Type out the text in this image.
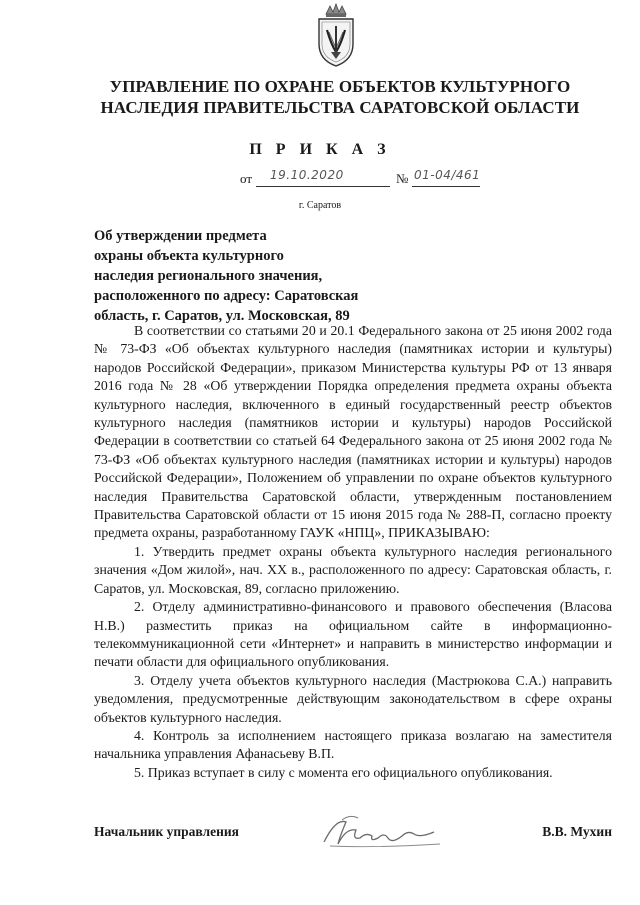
УПРАВЛЕНИЕ ПО ОХРАНЕ ОБЪЕКТОВ КУЛЬТУРНОГО
НАСЛЕДИЯ ПРАВИТЕЛЬСТВА САРАТОВСКОЙ ОБЛАСТИ
П Р И К А З
от 19.10.2020	№ 01-04/461
г. Саратов
Об утверждении предмета
охраны объекта культурного
наследия регионального значения,
расположенного по адресу: Саратовская
область, г. Саратов, ул. Московская, 89

В соответствии со статьями 20 и 20.1 Федерального закона от 25 июня 2002 года № 73-ФЗ «Об объектах культурного наследия (памятниках истории и культуры) народов Российской Федерации», приказом Министерства культуры РФ от 13 января 2016 года № 28 «Об утверждении Порядка определения предмета охраны объекта культурного наследия, включенного в единый государственный реестр объектов культурного наследия (памятников истории и культуры) народов Российской Федерации в соответствии со статьей 64 Федерального закона от 25 июня 2002 года № 73-ФЗ «Об объектах культурного наследия (памятниках истории и культуры) народов Российской Федерации», Положением об управлении по охране объектов культурного наследия Правительства Саратовской области, утвержденным постановлением Правительства Саратовской области от 15 июня 2015 года № 288-П, согласно проекту предмета охраны, разработанному ГАУК «НПЦ», ПРИКАЗЫВАЮ:

1. Утвердить предмет охраны объекта культурного наследия регионального значения «Дом жилой», нач. XX в., расположенного по адресу: Саратовская область, г. Саратов, ул. Московская, 89, согласно приложению.

2. Отделу административно-финансового и правового обеспечения (Власова Н.В.) разместить приказ на официальном сайте в информационно-телекоммуникационной сети «Интернет» и направить в министерство информации и печати области для официального опубликования.

3. Отделу учета объектов культурного наследия (Мастрюкова С.А.) направить уведомления, предусмотренные действующим законодательством в сфере охраны объектов культурного наследия.

4. Контроль за исполнением настоящего приказа возлагаю на заместителя начальника управления Афанасьеву В.П.

5. Приказ вступает в силу с момента его официального опубликования.

Начальник управления	В.В. Мухин
